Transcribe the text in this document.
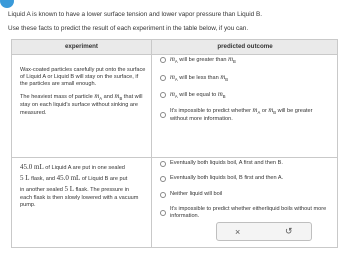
Liquid A is known to have a lower surface tension and lower vapor pressure than Liquid B.
Use these facts to predict the result of each experiment in the table below, if you can.
experiment	predicted outcome
Wax-coated particles carefully put onto the surface of Liquid A or Liquid B will stay on the surface, if the particles are small enough.
The heaviest mass of particle $m_A$ and $m_B$ that will stay on each liquid's surface without sinking are measured.
$m_A$ will be greater than $m_B$
$m_A$ will be less than $m_B$
$m_A$ will be equal to $m_B$
It's impossible to predict whether $m_A$ or $m_B$ will be greater without more information.
45.0 mL of Liquid A are put in one sealed
5 L flask, and 45.0 mL of Liquid B are put
in another sealed 5 L flask. The pressure in
each flask is then slowly lowered with a vacuum pump.
Eventually both liquids boil, A first and then B.
Eventually both liquids boil, B first and then A.
Neither liquid will boil
It's impossible to predict whether eitherliquid boils without more information.
×	↺
